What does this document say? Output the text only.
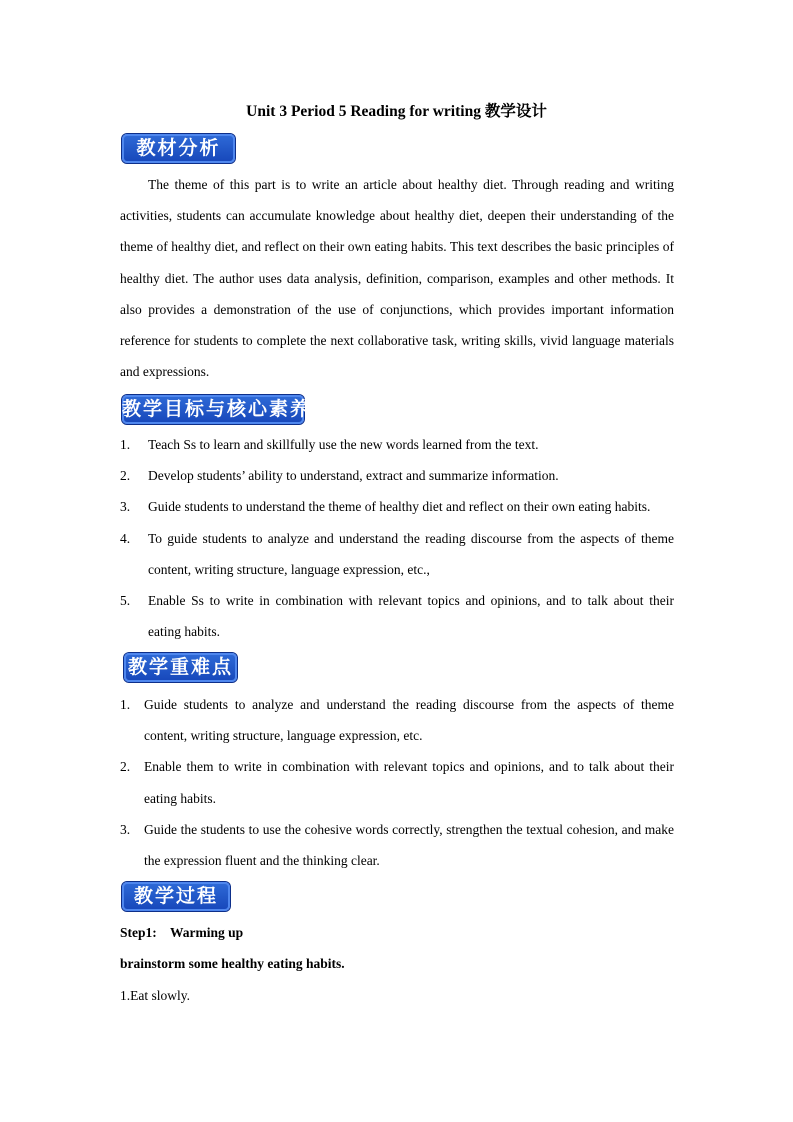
Unit 3 Period 5 Reading for writing 教学设计
教材分析

The theme of this part is to write an article about healthy diet. Through reading and writing activities, students can accumulate knowledge about healthy diet, deepen their understanding of the theme of healthy diet, and reflect on their own eating habits. This text describes the basic principles of healthy diet. The author uses data analysis, definition, comparison, examples and other methods. It also provides a demonstration of the use of conjunctions, which provides important information reference for students to complete the next collaborative task, writing skills, vivid language materials and expressions.

教学目标与核心素养
1. Teach Ss to learn and skillfully use the new words learned from the text.
2. Develop students’ ability to understand, extract and summarize information.
3. Guide students to understand the theme of healthy diet and reflect on their own eating habits.
4. To guide students to analyze and understand the reading discourse from the aspects of theme content, writing structure, language expression, etc.,
5. Enable Ss to write in combination with relevant topics and opinions, and to talk about their eating habits.
教学重难点
1. Guide students to analyze and understand the reading discourse from the aspects of theme content, writing structure, language expression, etc.
2. Enable them to write in combination with relevant topics and opinions, and to talk about their eating habits.
3. Guide the students to use the cohesive words correctly, strengthen the textual cohesion, and make the expression fluent and the thinking clear.
教学过程
Step1:    Warming up
brainstorm some healthy eating habits.
1.Eat slowly.
